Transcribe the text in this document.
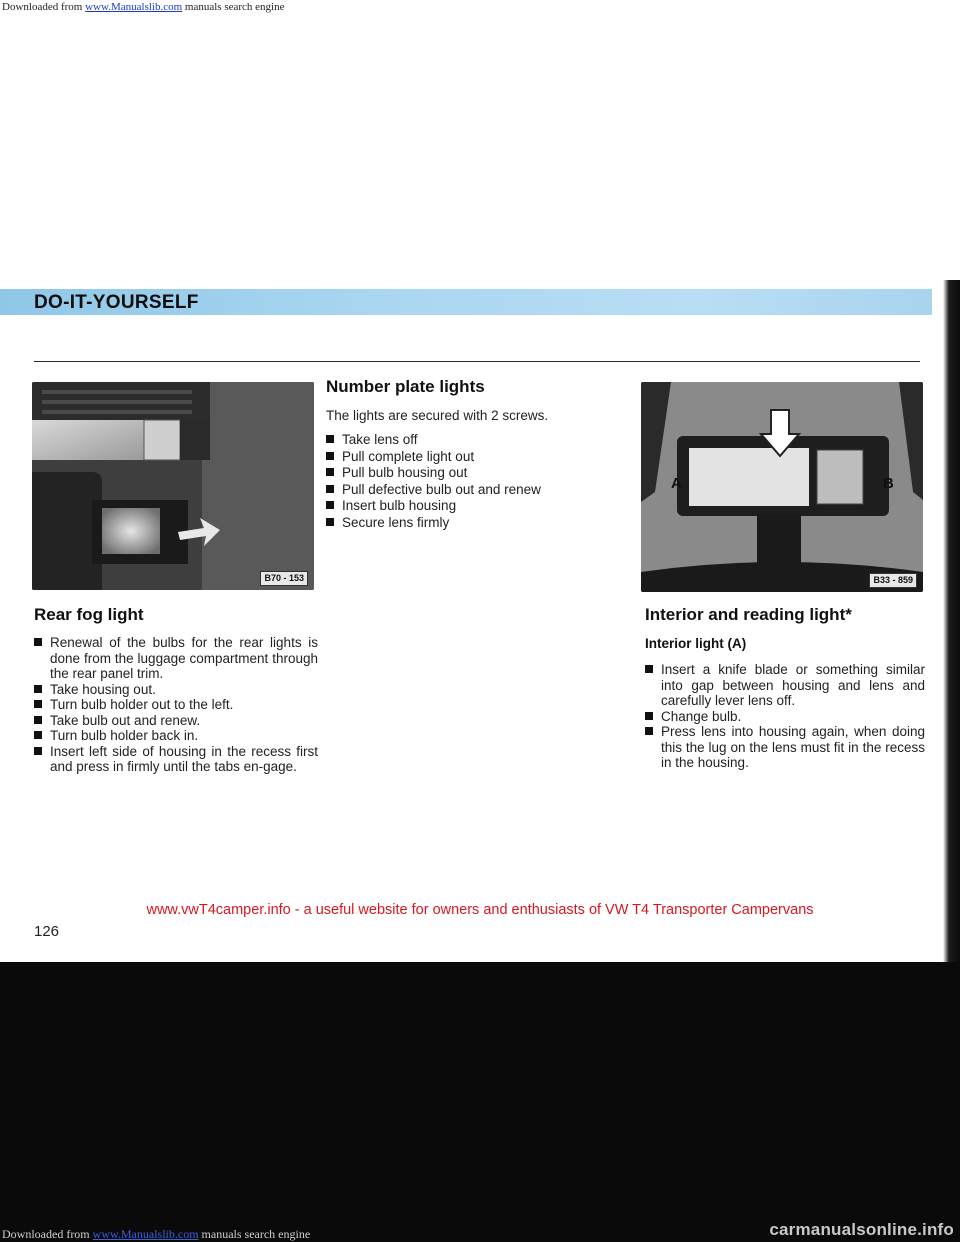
Downloaded from www.Manualslib.com manuals search engine
DO-IT-YOURSELF
B70 - 153
A	B
B33 - 859
Rear fog light
Renewal of the bulbs for the rear lights is done from the luggage compartment through the rear panel trim.
Take housing out.
Turn bulb holder out to the left.
Take bulb out and renew.
Turn bulb holder back in.
Insert left side of housing in the recess first and press in firmly until the tabs en-gage.
Number plate lights

The lights are secured with 2 screws.

Take lens off
Pull complete light out
Pull bulb housing out
Pull defective bulb out and renew
Insert bulb housing
Secure lens firmly
Interior and reading light*
Interior light (A)
Insert a knife blade or something similar into gap between housing and lens and carefully lever lens off.
Change bulb.
Press lens into housing again, when doing this the lug on the lens must fit in the recess in the housing.
www.vwT4camper.info - a useful website for owners and enthusiasts of VW T4 Transporter Campervans
126
Downloaded from www.Manualslib.com manuals search engine	carmanualsonline.info
